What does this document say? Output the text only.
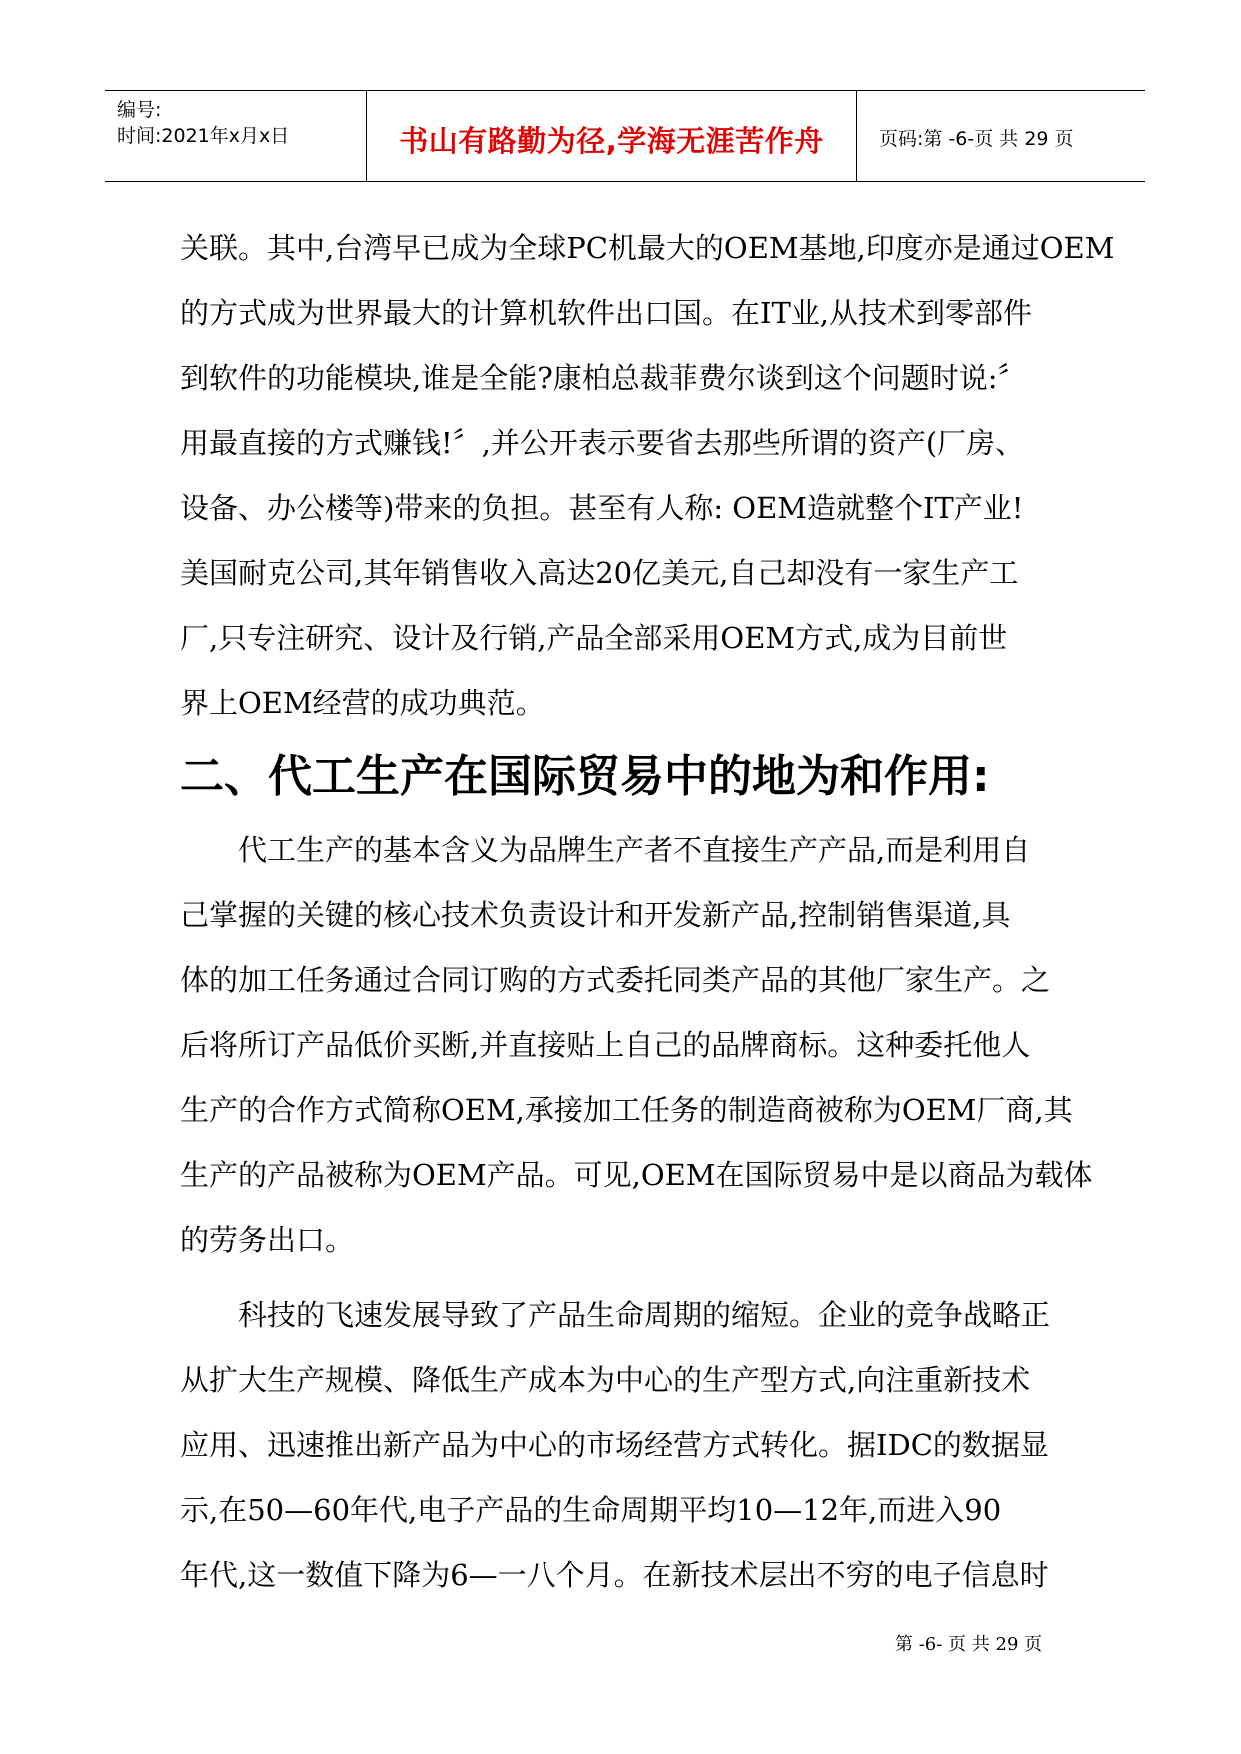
编号:
时间:2021年x月x日	书山有路勤为径,学海无涯苦作舟	页码:第 -6-页 共 29 页
关联。其中,台湾早已成为全球PC机最大的OEM基地,印度亦是通过OEM
的方式成为世界最大的计算机软件出口国。在IT业,从技术到零部件
到软件的功能模块,谁是全能?康柏总裁菲费尔谈到这个问题时说:〞
用最直接的方式赚钱!〞,并公开表示要省去那些所谓的资产(厂房、
设备、办公楼等)带来的负担。甚至有人称: OEM造就整个IT产业!
美国耐克公司,其年销售收入高达20亿美元,自己却没有一家生产工
厂,只专注研究、设计及行销,产品全部采用OEM方式,成为目前世
界上OEM经营的成功典范。
二、代工生产在国际贸易中的地为和作用:
代工生产的基本含义为品牌生产者不直接生产产品,而是利用自
己掌握的关键的核心技术负责设计和开发新产品,控制销售渠道,具
体的加工任务通过合同订购的方式委托同类产品的其他厂家生产。之
后将所订产品低价买断,并直接贴上自己的品牌商标。这种委托他人
生产的合作方式简称OEM,承接加工任务的制造商被称为OEM厂商,其
生产的产品被称为OEM产品。可见,OEM在国际贸易中是以商品为载体
的劳务出口。
科技的飞速发展导致了产品生命周期的缩短。企业的竞争战略正
从扩大生产规模、降低生产成本为中心的生产型方式,向注重新技术
应用、迅速推出新产品为中心的市场经营方式转化。据IDC的数据显
示,在50—60年代,电子产品的生命周期平均10—12年,而进入90
年代,这一数值下降为6—一八个月。在新技术层出不穷的电子信息时
第 -6- 页 共 29 页
